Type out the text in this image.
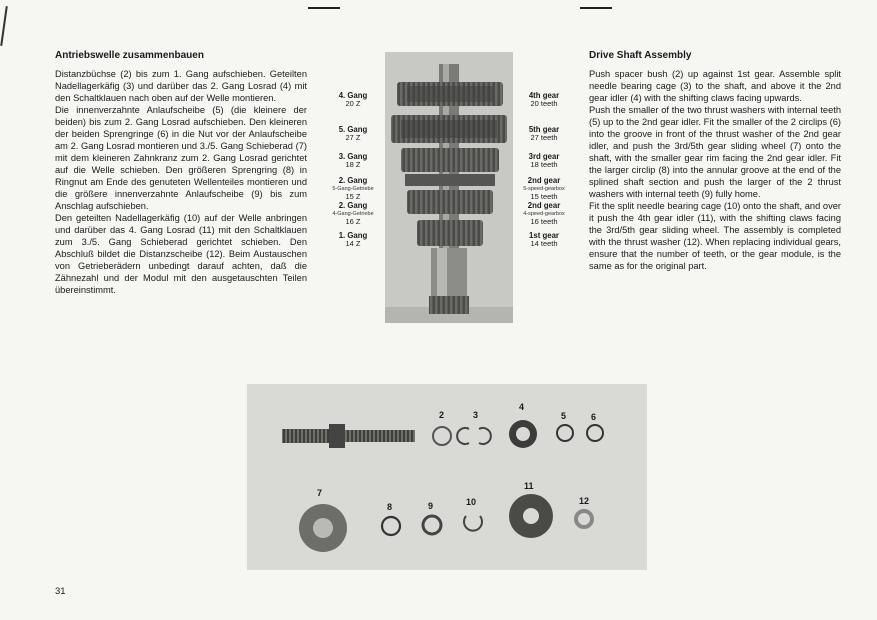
Antriebswelle zusammenbauen

Distanzbüchse (2) bis zum 1. Gang aufschieben. Geteilten Nadellagerkäfig (3) und darüber das 2. Gang Losrad (4) mit den Schaltklauen nach oben auf der Welle montieren.

Die innenverzahnte Anlaufscheibe (5) (die kleinere der beiden) bis zum 2. Gang Losrad aufschieben. Den kleineren der beiden Sprengringe (6) in die Nut vor der Anlaufscheibe am 2. Gang Losrad montieren und 3./5. Gang Schieberad (7) mit dem kleineren Zahnkranz zum 2. Gang Losrad gerichtet auf die Welle schieben. Den größeren Sprengring (8) in Ringnut am Ende des genuteten Wellenteiles montieren und die größere innenverzahnte Anlaufscheibe (9) bis zum Anschlag aufschieben.

Den geteilten Nadellagerkäfig (10) auf der Welle anbringen und darüber das 4. Gang Losrad (11) mit den Schaltklauen zum 3./5. Gang Schieberad gerichtet schieben. Den Abschluß bildet die Distanzscheibe (12). Beim Austauschen von Getrieberädern unbedingt darauf achten, daß die Zähnezahl und der Modul mit den ausgetauschten Teilen übereinstimmt.

Drive Shaft Assembly

Push spacer bush (2) up against 1st gear. Assemble split needle bearing cage (3) to the shaft, and above it the 2nd gear idler (4) with the shifting claws facing upwards.

Push the smaller of the two thrust washers with internal teeth (5) up to the 2nd gear idler. Fit the smaller of the 2 circlips (6) into the groove in front of the thrust washer of the 2nd gear idler, and push the 3rd/5th gear sliding wheel (7) onto the shaft, with the smaller gear rim facing the 2nd gear idler. Fit the larger circlip (8) into the annular groove at the end of the splined shaft section and push the larger of the 2 thrust washers with internal teeth (9) fully home.

Fit the split needle bearing cage (10) onto the shaft, and over it push the 4th gear idler (11), with the shifting claws facing the 3rd/5th gear sliding wheel. The assembly is completed with the thrust washer (12). When replacing individual gears, ensure that the number of teeth, or the gear module, is the same as for the original part.

4. Gang
20 Z
5. Gang
27 Z
3. Gang
18 Z
2. Gang
5-Gang-Getriebe
15 Z
2. Gang
4-Gang-Getriebe
16 Z
1. Gang
14 Z
4th gear
20 teeth
5th gear
27 teeth
3rd gear
18 teeth
2nd gear
5-speed-gearbox
15 teeth
2nd gear
4-speed-gearbox
16 teeth
1st gear
14 teeth
2	3
4
5	6
7
8	9	10
11
12
31
